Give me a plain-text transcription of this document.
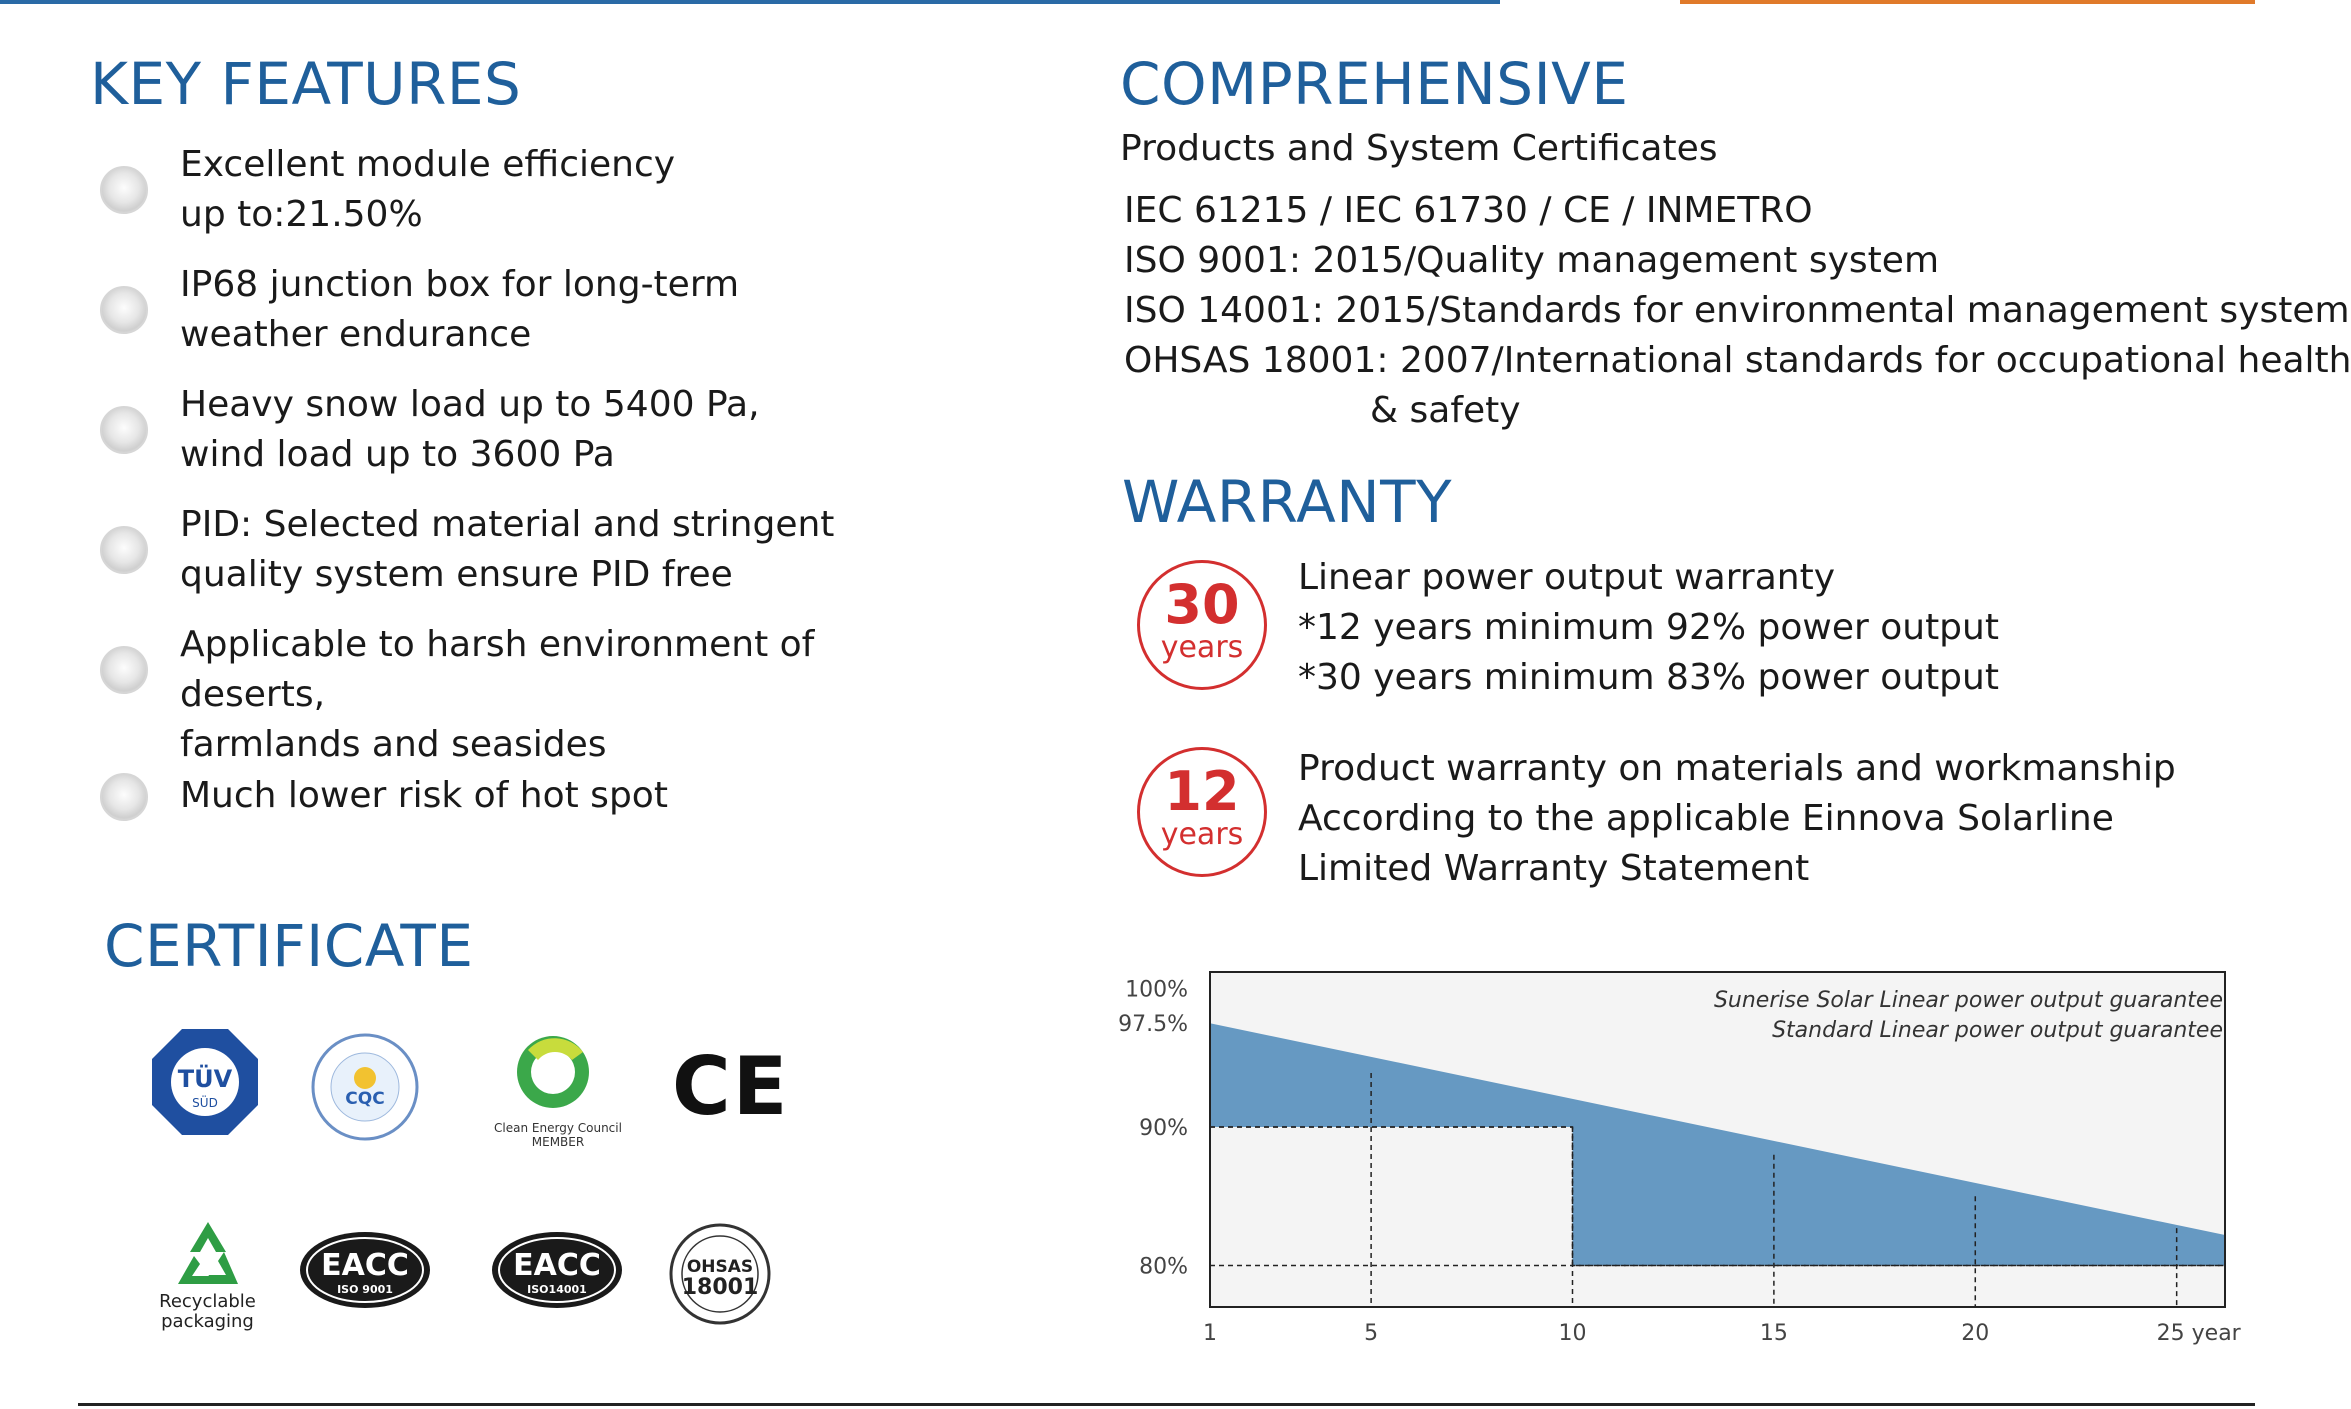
KEY FEATURES
Excellent module efficiency
up to:21.50%
IP68 junction box for long-term
weather endurance
Heavy snow load up to 5400 Pa,
wind load up to 3600 Pa
PID: Selected material and stringent
quality system ensure PID free
Applicable to harsh environment of deserts,
farmlands and seasides
Much lower risk of hot spot
CERTIFICATE
TÜV
SÜD	CQC
Clean Energy Council
MEMBER
CE
Recyclable
packaging
EACC
ISO 9001
EACC
ISO14001
OHSAS
18001
COMPREHENSIVE
Products and System Certificates
IEC 61215 / IEC 61730 / CE / INMETRO
ISO 9001: 2015/Quality management system
ISO 14001: 2015/Standards for environmental management system
OHSAS 18001: 2007/International standards for occupational health
& safety
WARRANTY
30
years
Linear power output warranty
*12 years minimum 92% power output
*30 years minimum 83% power output
12
years
Product warranty on materials and workmanship
According to the applicable Einnova Solarline
Limited Warranty Statement
100%
97.5%
90%
80%
1	5	10	15	20	25 year
Sunerise Solar Linear power output guarantee
Standard Linear power output guarantee
